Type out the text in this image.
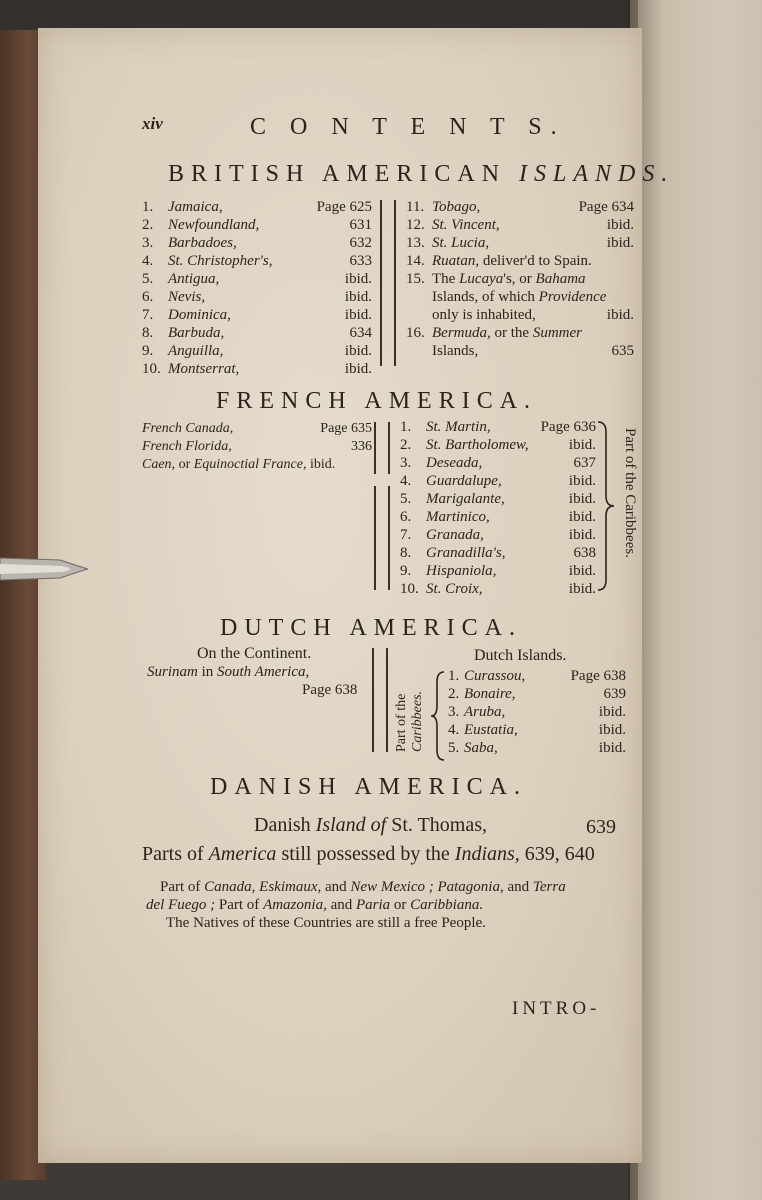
xiv	C O N T E N T S.
BRITISH AMERICAN ISLANDS.
1. Jamaica,	Page 625
2. Newfoundland,	631
3. Barbadoes,	632
4. St. Christopher's,	633
5. Antigua,	ibid.
6. Nevis,	ibid.
7. Dominica,	ibid.
8. Barbuda,	634
9. Anguilla,	ibid.
10. Montserrat,	ibid.
11. Tobago,	Page 634
12. St. Vincent,	ibid.
13. St. Lucia,	ibid.
14. Ruatan, deliver'd to Spain.
15. The Lucaya's, or Bahama
Islands, of which Providence
only is inhabited,	ibid.
16. Bermuda, or the Summer
Islands,	635
FRENCH AMERICA.
French Canada,	Page 635
French Florida,	336
Caen, or Equinoctial France, ibid.
1. St. Martin,	Page 636
2. St. Bartholomew,	ibid.
3. Deseada,	637
4. Guardalupe,	ibid.
5. Marigalante,	ibid.
6. Martinico,	ibid.
7. Granada,	ibid.
8. Granadilla's,	638
9. Hispaniola,	ibid.
10. St. Croix,	ibid.
Part of the Caribbees.
DUTCH AMERICA.
On the Continent.
Surinam in South America,
Page 638
Part of the Caribbees.
Dutch Islands.
1. Curassou,	Page 638
2. Bonaire,	639
3. Aruba,	ibid.
4. Eustatia,	ibid.
5. Saba,	ibid.
DANISH AMERICA.
Danish Island of St. Thomas,	639
Parts of America still possessed by the Indians, 639, 640
Part of Canada, Eskimaux, and New Mexico ; Patagonia, and Terra
del Fuego ; Part of Amazonia, and Paria or Caribbiana.
The Natives of these Countries are still a free People.
INTRO-
